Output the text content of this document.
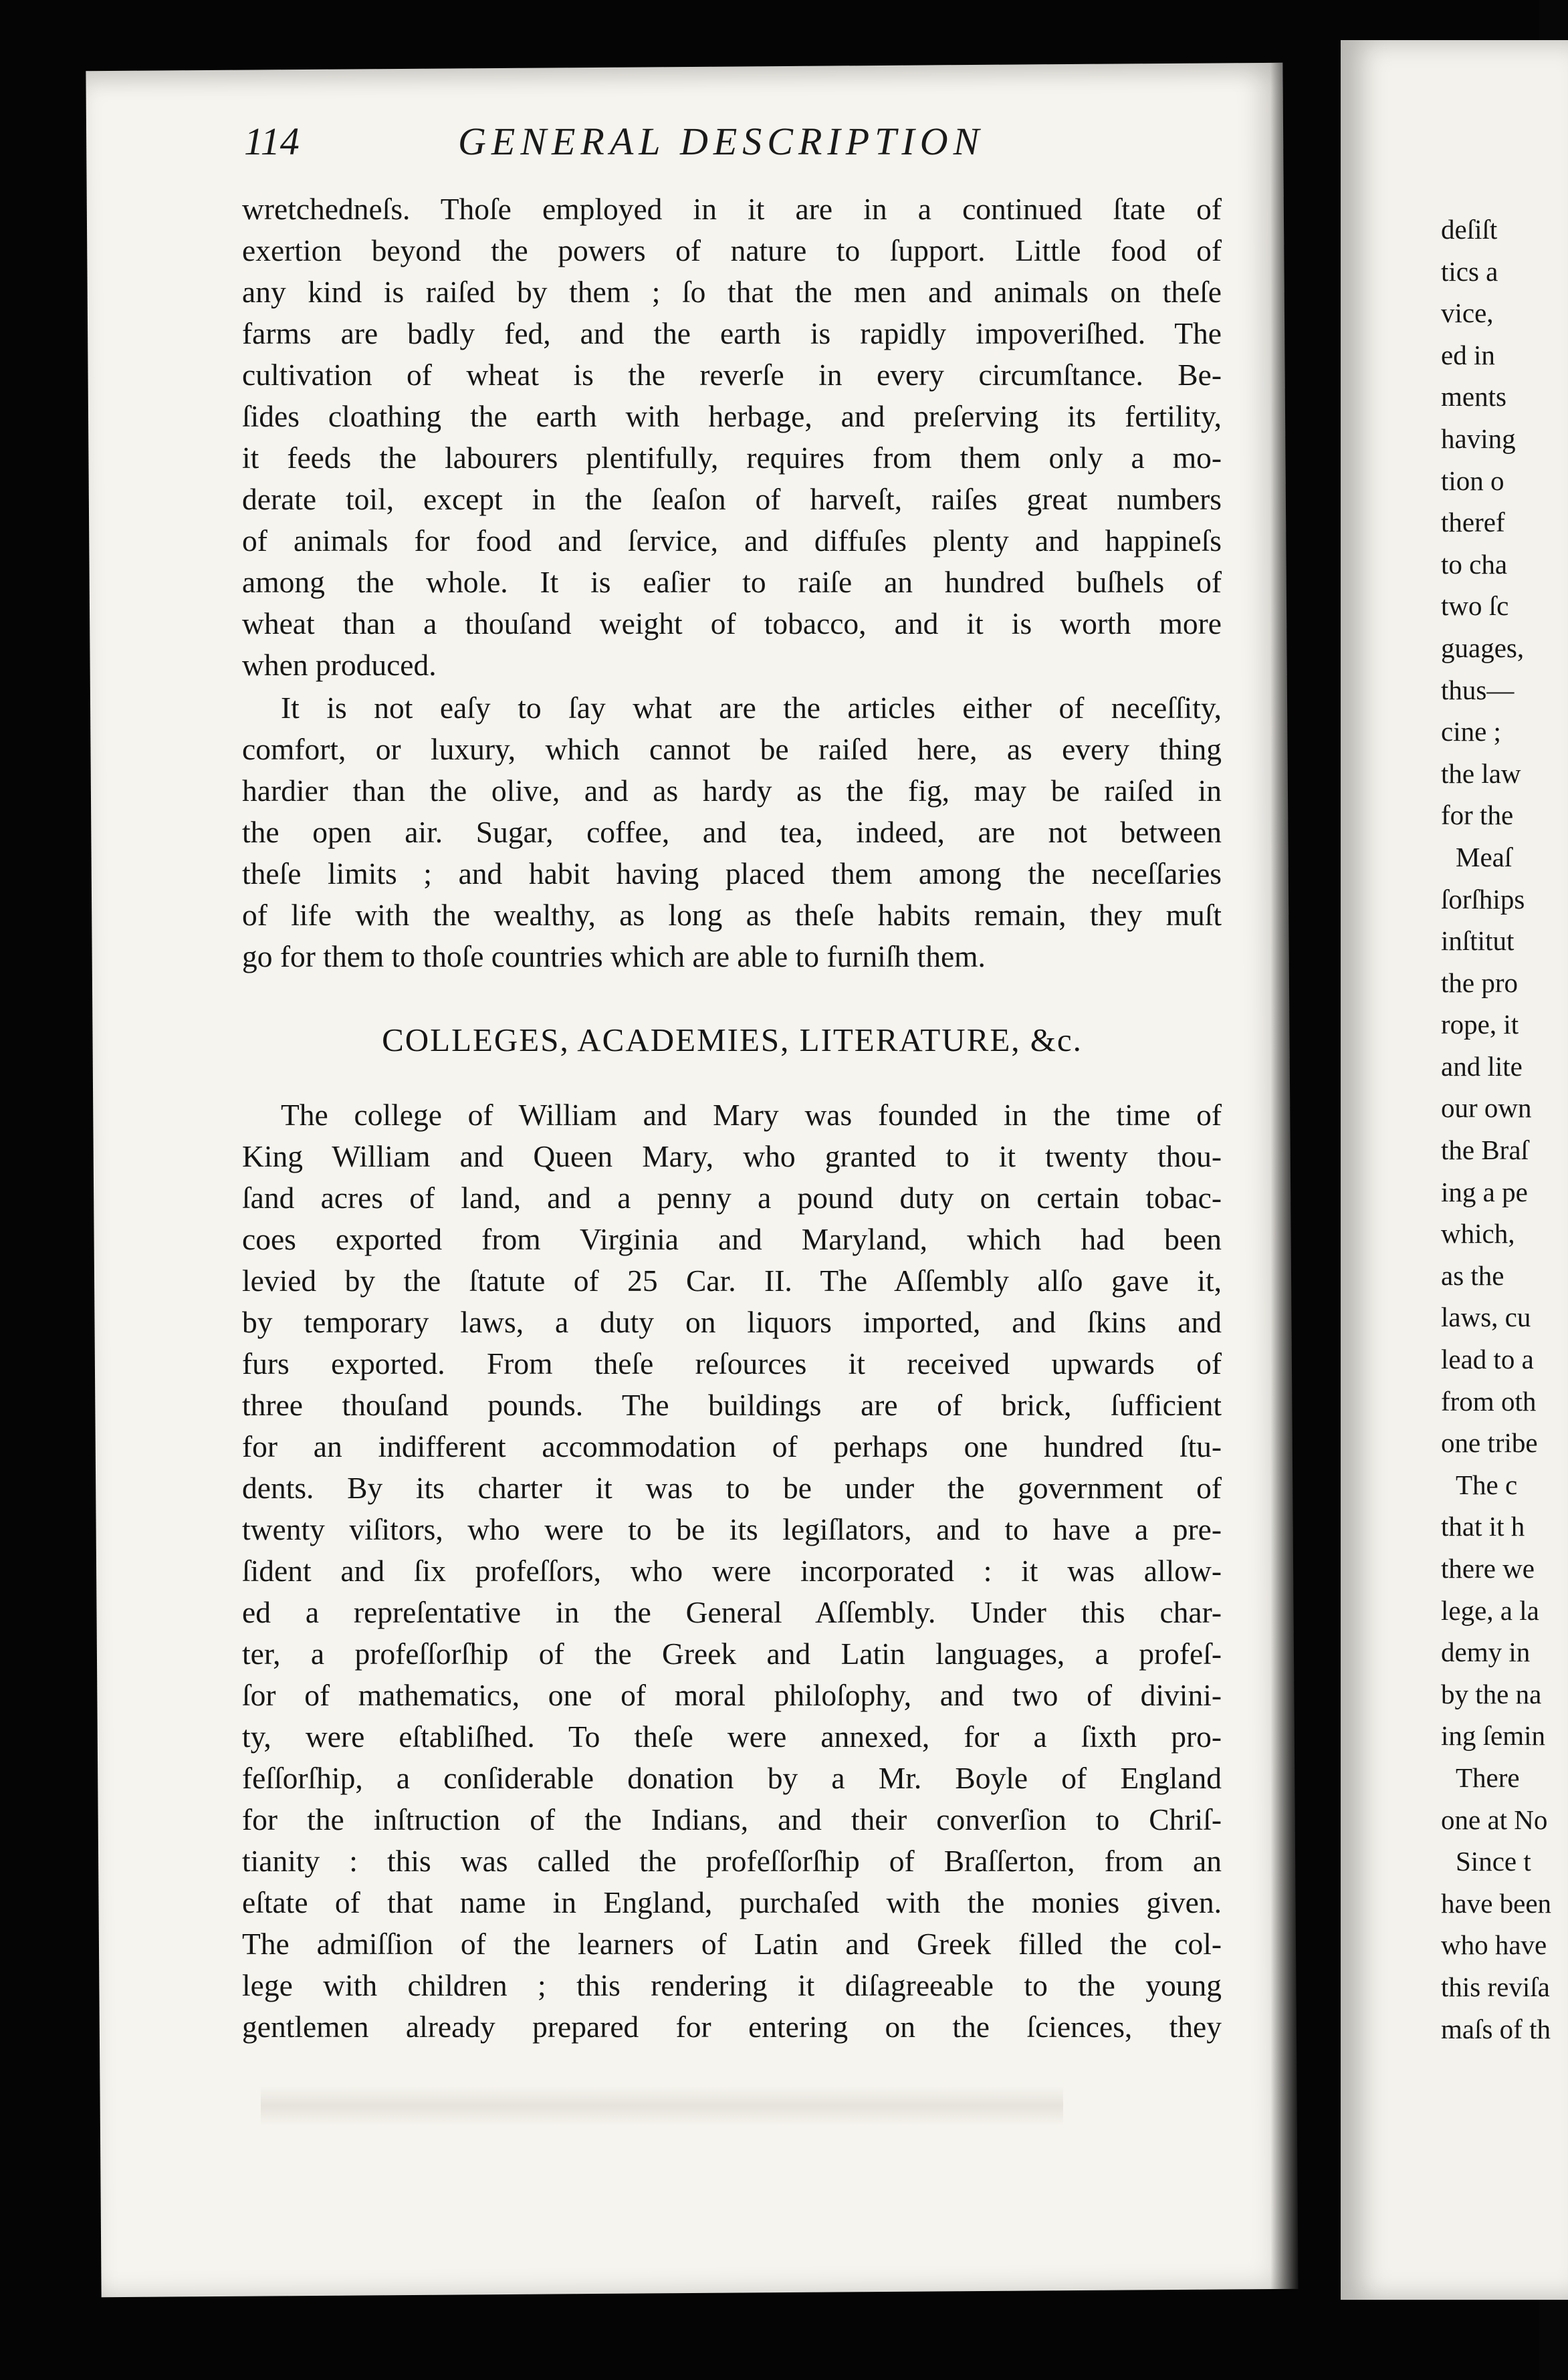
114	GENERAL DESCRIPTION
wretchedneſs. Thoſe employed in it are in a continued ſtate of
exertion beyond the powers of nature to ſupport. Little food of
any kind is raiſed by them ; ſo that the men and animals on theſe
farms are badly fed, and the earth is rapidly impoveriſhed. The
cultivation of wheat is the reverſe in every circumſtance. Be-
ſides cloathing the earth with herbage, and preſerving its fertility,
it feeds the labourers plentifully, requires from them only a mo-
derate toil, except in the ſeaſon of harveſt, raiſes great numbers
of animals for food and ſervice, and diffuſes plenty and happineſs
among the whole. It is eaſier to raiſe an hundred buſhels of
wheat than a thouſand weight of tobacco, and it is worth more
when produced.
It is not eaſy to ſay what are the articles either of neceſſity,
comfort, or luxury, which cannot be raiſed here, as every thing
hardier than the olive, and as hardy as the fig, may be raiſed in
the open air. Sugar, coffee, and tea, indeed, are not between
theſe limits ; and habit having placed them among the neceſſaries
of life with the wealthy, as long as theſe habits remain, they muſt
go for them to thoſe countries which are able to furniſh them.
COLLEGES, ACADEMIES, LITERATURE, &c.
The college of William and Mary was founded in the time of
King William and Queen Mary, who granted to it twenty thou-
ſand acres of land, and a penny a pound duty on certain tobac-
coes exported from Virginia and Maryland, which had been
levied by the ſtatute of 25 Car. II. The Aſſembly alſo gave it,
by temporary laws, a duty on liquors imported, and ſkins and
furs exported. From theſe reſources it received upwards of
three thouſand pounds. The buildings are of brick, ſufficient
for an indifferent accommodation of perhaps one hundred ſtu-
dents. By its charter it was to be under the government of
twenty viſitors, who were to be its legiſlators, and to have a pre-
ſident and ſix profeſſors, who were incorporated : it was allow-
ed a repreſentative in the General Aſſembly. Under this char-
ter, a profeſſorſhip of the Greek and Latin languages, a profeſ-
ſor of mathematics, one of moral philoſophy, and two of divini-
ty, were eſtabliſhed. To theſe were annexed, for a ſixth pro-
feſſorſhip, a conſiderable donation by a Mr. Boyle of England
for the inſtruction of the Indians, and their converſion to Chriſ-
tianity : this was called the profeſſorſhip of Braſſerton, from an
eſtate of that name in England, purchaſed with the monies given.
The admiſſion of the learners of Latin and Greek filled the col-
lege with children ; this rendering it diſagreeable to the young
gentlemen already prepared for entering on the ſciences, they
deſiſt
tics a
vice,
ed in
ments
having
tion o
theref
to cha
two ſc
guages,
thus—
cine ;
the law
for the
Meaſ
ſorſhips
inſtitut
the pro
rope, it
and lite
our own
the Braſ
ing a pe
which,
as the
laws, cu
lead to a
from oth
one tribe
The c
that it h
there we
lege, a la
demy in
by the na
ing ſemin
There
one at No
Since t
have been
who have
this reviſa
maſs of th
